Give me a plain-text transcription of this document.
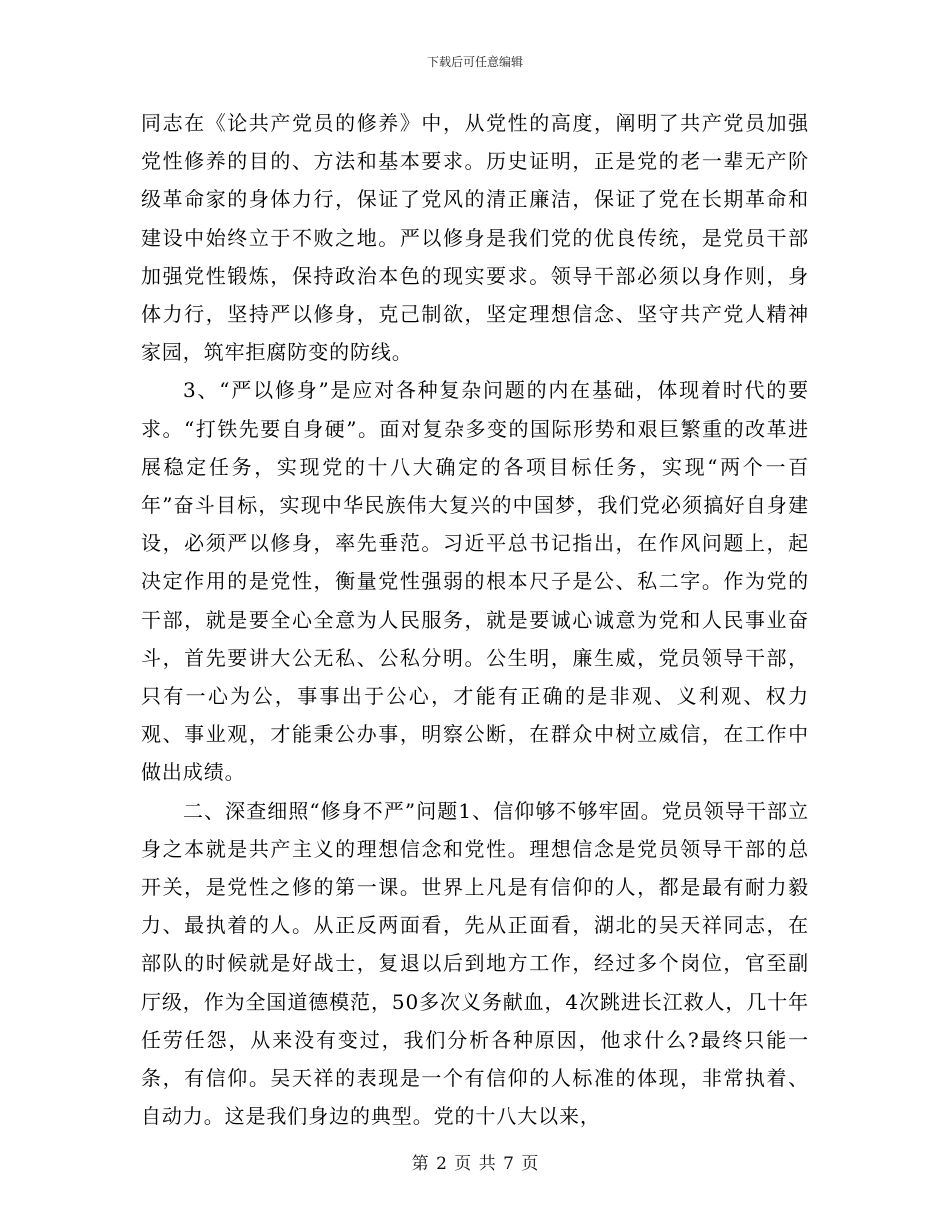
下载后可任意编辑

同志在《论共产党员的修养》中，从党性的高度，阐明了共产党员加强党性修养的目的、方法和基本要求。历史证明，正是党的老一辈无产阶级革命家的身体力行，保证了党风的清正廉洁，保证了党在长期革命和建设中始终立于不败之地。严以修身是我们党的优良传统，是党员干部加强党性锻炼，保持政治本色的现实要求。领导干部必须以身作则，身体力行，坚持严以修身，克己制欲，坚定理想信念、坚守共产党人精神家园，筑牢拒腐防变的防线。

3、“严以修身”是应对各种复杂问题的内在基础，体现着时代的要求。“打铁先要自身硬”。面对复杂多变的国际形势和艰巨繁重的改革进展稳定任务，实现党的十八大确定的各项目标任务，实现“两个一百年”奋斗目标，实现中华民族伟大复兴的中国梦，我们党必须搞好自身建设，必须严以修身，率先垂范。习近平总书记指出，在作风问题上，起决定作用的是党性，衡量党性强弱的根本尺子是公、私二字。作为党的干部，就是要全心全意为人民服务，就是要诚心诚意为党和人民事业奋斗，首先要讲大公无私、公私分明。公生明，廉生威，党员领导干部，只有一心为公，事事出于公心，才能有正确的是非观、义利观、权力观、事业观，才能秉公办事，明察公断，在群众中树立威信，在工作中做出成绩。

二、深查细照“修身不严”问题1、信仰够不够牢固。党员领导干部立身之本就是共产主义的理想信念和党性。理想信念是党员领导干部的总开关，是党性之修的第一课。世界上凡是有信仰的人，都是最有耐力毅力、最执着的人。从正反两面看，先从正面看，湖北的吴天祥同志，在部队的时候就是好战士，复退以后到地方工作，经过多个岗位，官至副厅级，作为全国道德模范，50多次义务献血，4次跳进长江救人，几十年任劳任怨，从来没有变过，我们分析各种原因，他求什么?最终只能一条，有信仰。吴天祥的表现是一个有信仰的人标准的体现，非常执着、自动力。这是我们身边的典型。党的十八大以来，

第 2 页 共 7 页
